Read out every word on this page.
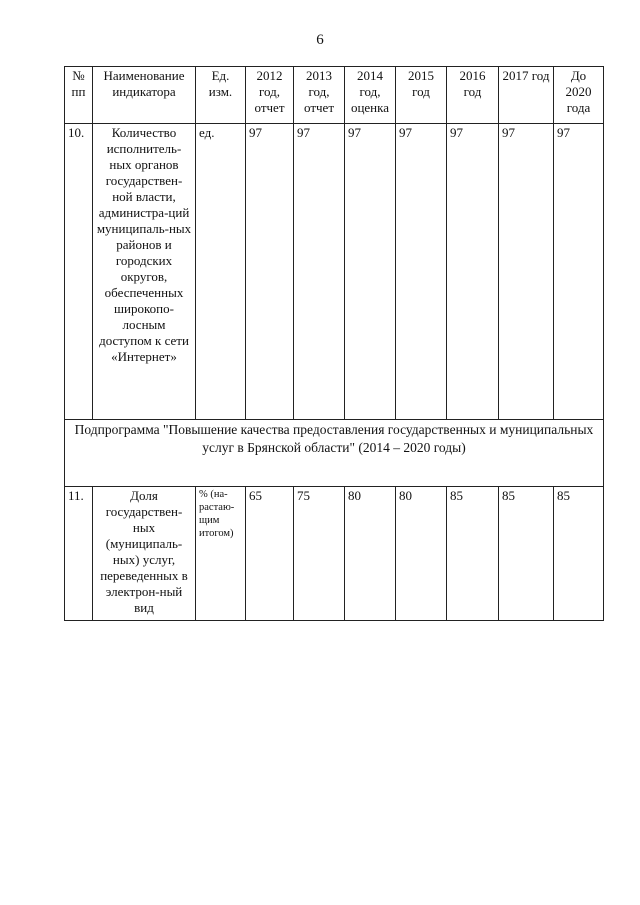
6
№ пп	Наименование индикатора	Ед. изм.	2012 год, отчет	2013 год, отчет	2014 год, оценка	2015 год	2016 год	2017 год	До 2020 года
10.	Количество исполнитель-ных органов государствен-ной власти, администра-ций муниципаль-ных районов и городских округов, обеспеченных широкопо-лосным доступом к сети «Интернет»	ед.	97	97	97	97	97	97	97
Подпрограмма "Повышение качества предоставления государственных и муниципальных услуг в Брянской области" (2014 – 2020 годы)									
11.	Доля государствен-ных (муниципаль-ных) услуг, переведенных в электрон-ный вид	% (на-растаю-щим итогом)	65	75	80	80	85	85	85
